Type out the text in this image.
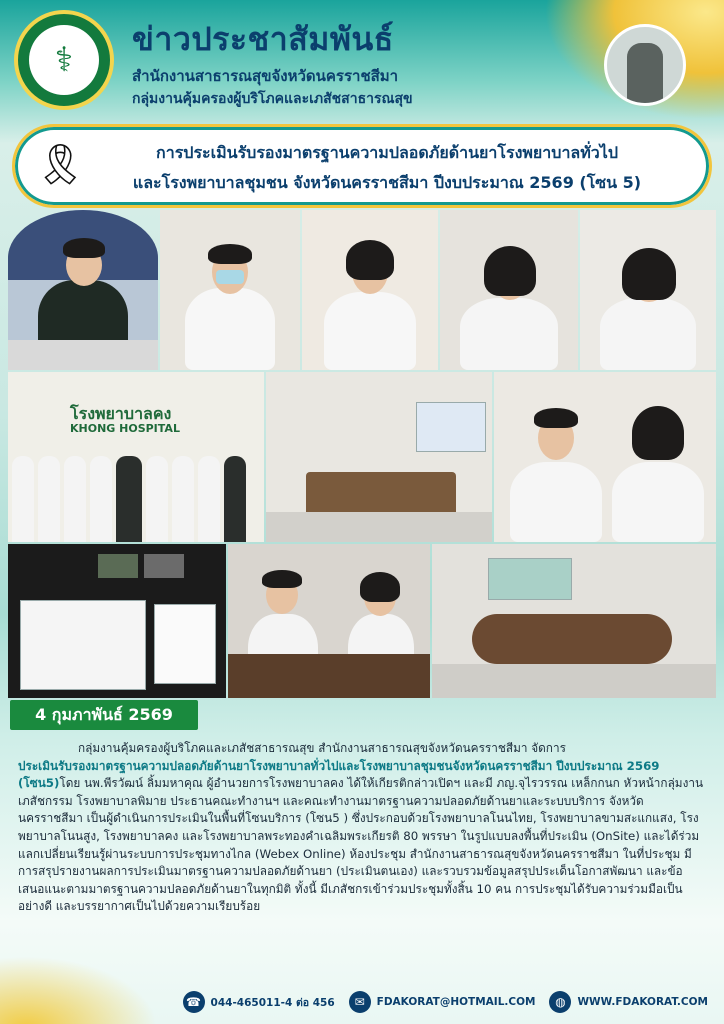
⚕
ข่าวประชาสัมพันธ์
สำนักงานสาธารณสุขจังหวัดนครราชสีมา
กลุ่มงานคุ้มครองผู้บริโภคและเภสัชสาธารณสุข
🎗	การประเมินรับรองมาตรฐานความปลอดภัยด้านยาโรงพยาบาลทั่วไป
และโรงพยาบาลชุมชน จังหวัดนครราชสีมา ปีงบประมาณ 2569 (โซน 5)
โรงพยาบาลคง
KHONG HOSPITAL
4 กุมภาพันธ์ 2569

กลุ่มงานคุ้มครองผู้บริโภคและเภสัชสาธารณสุข สำนักงานสาธารณสุขจังหวัดนครราชสีมา จัดการ
ประเมินรับรองมาตรฐานความปลอดภัยด้านยาโรงพยาบาลทั่วไปและโรงพยาบาลชุมชนจังหวัดนครราชสีมา ปีงบประมาณ 2569 (โซน5)โดย นพ.พีรวัฒน์ ลิ้มมหาคุณ ผู้อำนวยการโรงพยาบาลคง ได้ให้เกียรติกล่าวเปิดฯ และมี ภญ.จุไรวรรณ เหล็กกนก หัวหน้ากลุ่มงานเภสัชกรรม โรงพยาบาลพิมาย ประธานคณะทำงานฯ และคณะทำงานมาตรฐานความปลอดภัยด้านยาและระบบบริการ จังหวัดนครราชสีมา เป็นผู้ดำเนินการประเมินในพื้นที่โซนบริการ (โซน5 ) ซึ่งประกอบด้วยโรงพยาบาลโนนไทย, โรงพยาบาลขามสะแกแสง, โรงพยาบาลโนนสูง, โรงพยาบาลคง และโรงพยาบาลพระทองคำเฉลิมพระเกียรติ 80 พรรษา ในรูปแบบลงพื้นที่ประเมิน (OnSite) และได้ร่วมแลกเปลี่ยนเรียนรู้ผ่านระบบการประชุมทางไกล (Webex Online) ห้องประชุม สำนักงานสาธารณสุขจังหวัดนครราชสีมา ในที่ประชุม มีการสรุปรายงานผลการประเมินมาตรฐานความปลอดภัยด้านยา (ประเมินตนเอง) และรวบรวมข้อมูลสรุปประเด็นโอกาสพัฒนา และข้อเสนอแนะตามมาตรฐานความปลอดภัยด้านยาในทุกมิติ ทั้งนี้ มีเภสัชกรเข้าร่วมประชุมทั้งสิ้น 10 คน การประชุมได้รับความร่วมมือเป็นอย่างดี และบรรยากาศเป็นไปด้วยความเรียบร้อย

☎ 044-465011-4 ต่อ 456	✉	FDAKORAT@HOTMAIL.COM	◍	WWW.FDAKORAT.COM
